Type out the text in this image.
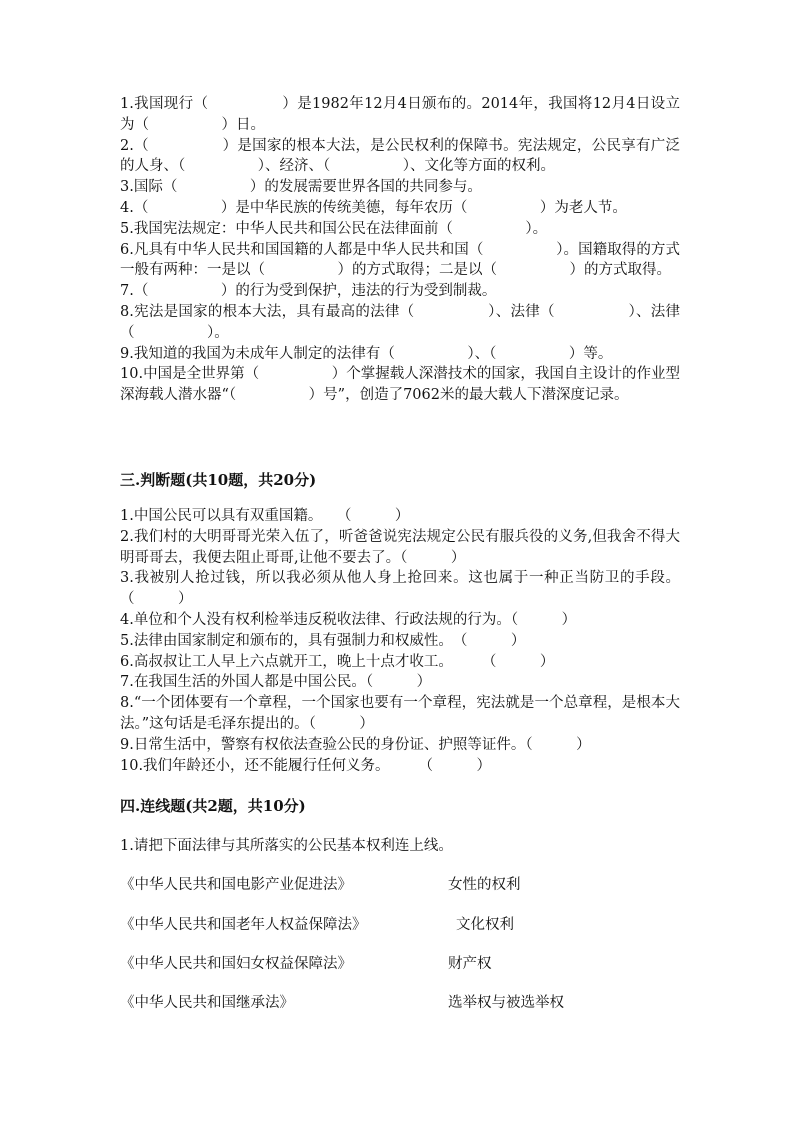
1.我国现行（　　　　　）是1982年12月4日颁布的。2014年，我国将12月4日设立为（　　　　　）日。

2.（　　　　　）是国家的根本大法，是公民权利的保障书。宪法规定，公民享有广泛的人身、（　　　　　）、经济、（　　　　　）、文化等方面的权利。

3.国际（　　　　　）的发展需要世界各国的共同参与。

4.（　　　　　）是中华民族的传统美德，每年农历（　　　　　）为老人节。

5.我国宪法规定：中华人民共和国公民在法律面前（　　　　　）。

6.凡具有中华人民共和国国籍的人都是中华人民共和国（　　　　　）。国籍取得的方式一般有两种：一是以（　　　　　）的方式取得；二是以（　　　　　）的方式取得。

7.（　　　　　）的行为受到保护，违法的行为受到制裁。

8.宪法是国家的根本大法，具有最高的法律（　　　　　）、法律（　　　　　）、法律（　　　　　）。

9.我知道的我国为未成年人制定的法律有（　　　　　）、（　　　　　）等。

10.中国是全世界第（　　　　　）个掌握载人深潜技术的国家，我国自主设计的作业型深海载人潜水器“（　　　　　）号”，创造了7062米的最大载人下潜深度记录。

三.判断题(共10题，共20分)

1.中国公民可以具有双重国籍。　　（　　　）

2.我们村的大明哥哥光荣入伍了，听爸爸说宪法规定公民有服兵役的义务,但我舍不得大明哥哥去，我便去阻止哥哥,让他不要去了。（　　　）

3.我被别人抢过钱，所以我必须从他人身上抢回来。这也属于一种正当防卫的手段。（　　　）

4.单位和个人没有权利检举违反税收法律、行政法规的行为。（　　　）

5.法律由国家制定和颁布的，具有强制力和权威性。　（　　　）

6.高叔叔让工人早上六点就开工，晚上十点才收工。　　　（　　　）

7.在我国生活的外国人都是中国公民。（　　　）

8.“一个团体要有一个章程，一个国家也要有一个章程，宪法就是一个总章程，是根本大法。”这句话是毛泽东提出的。（　　　）

9.日常生活中，警察有权依法查验公民的身份证、护照等证件。（　　　）

10.我们年龄还小，还不能履行任何义务。　　　（　　　）

四.连线题(共2题，共10分)

1.请把下面法律与其所落实的公民基本权利连上线。

《中华人民共和国电影产业促进法》	女性的权利
《中华人民共和国老年人权益保障法》	文化权利
《中华人民共和国妇女权益保障法》	财产权
《中华人民共和国继承法》	选举权与被选举权
